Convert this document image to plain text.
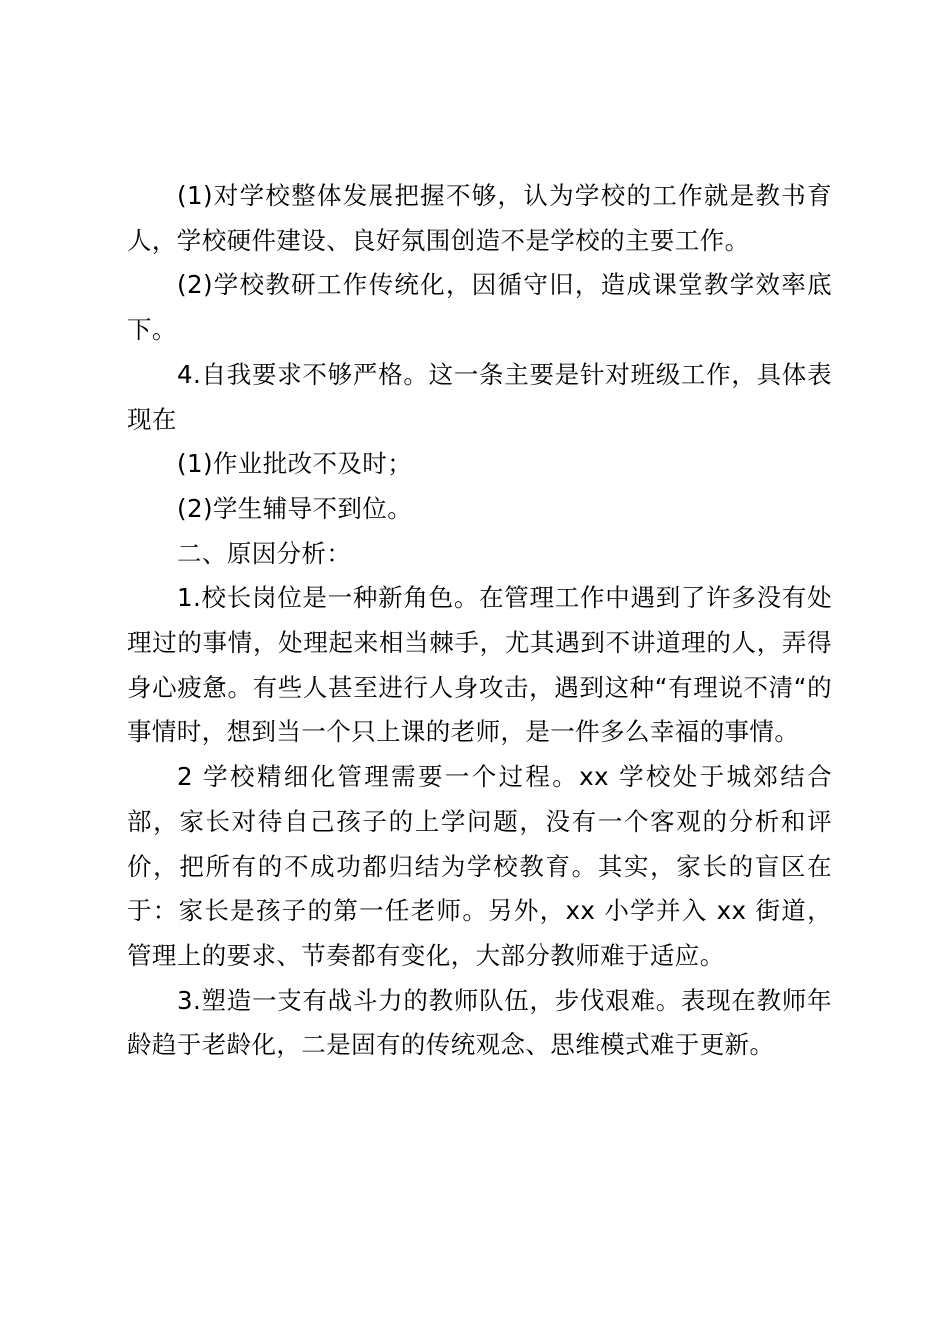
(1)对学校整体发展把握不够，认为学校的工作就是教书育人，学校硬件建设、良好氛围创造不是学校的主要工作。

(2)学校教研工作传统化，因循守旧，造成课堂教学效率底下。

4.自我要求不够严格。这一条主要是针对班级工作，具体表现在

(1)作业批改不及时；

(2)学生辅导不到位。

二、原因分析：

1.校长岗位是一种新角色。在管理工作中遇到了许多没有处理过的事情，处理起来相当棘手，尤其遇到不讲道理的人，弄得身心疲惫。有些人甚至进行人身攻击，遇到这种“有理说不清“的事情时，想到当一个只上课的老师，是一件多么幸福的事情。

2 学校精细化管理需要一个过程。xx 学校处于城郊结合部，家长对待自己孩子的上学问题，没有一个客观的分析和评价，把所有的不成功都归结为学校教育。其实，家长的盲区在于：家长是孩子的第一任老师。另外，xx 小学并入 xx 街道，管理上的要求、节奏都有变化，大部分教师难于适应。

3.塑造一支有战斗力的教师队伍，步伐艰难。表现在教师年龄趋于老龄化，二是固有的传统观念、思维模式难于更新。
